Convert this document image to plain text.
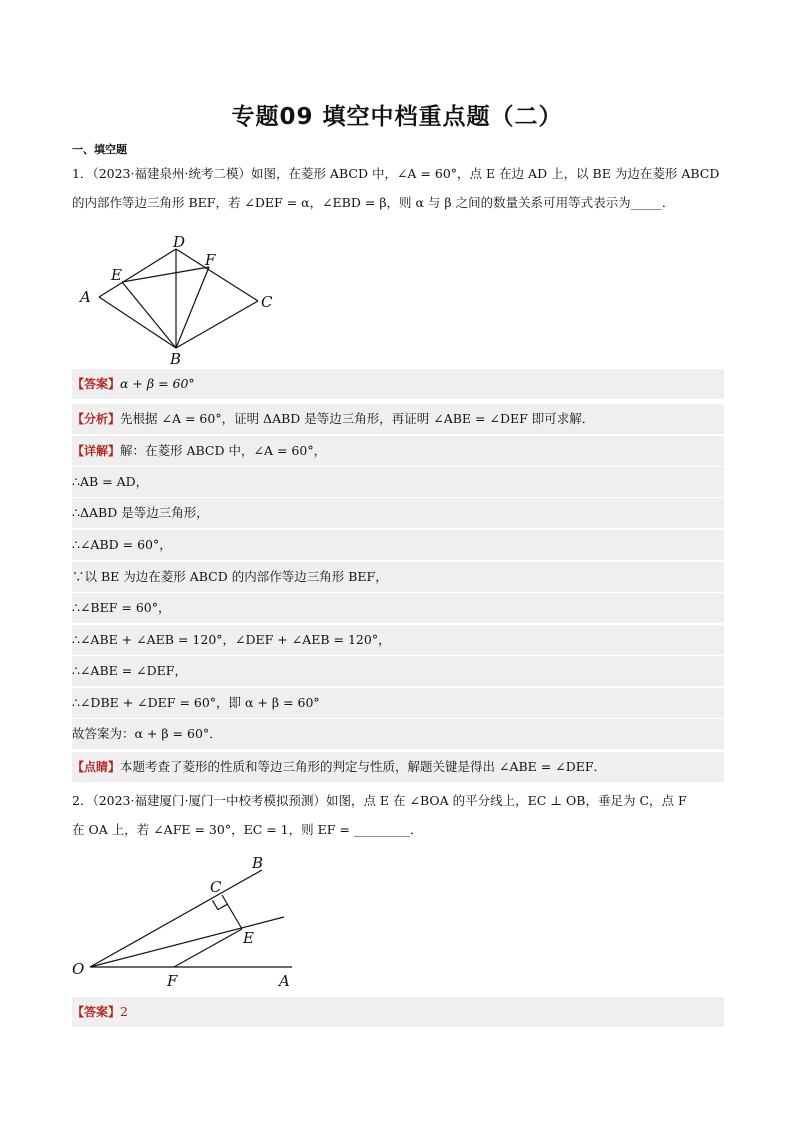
专题09 填空中档重点题（二）
一、填空题
1．（2023·福建泉州·统考二模）如图，在菱形 ABCD 中，∠A = 60°，点 E 在边 AD 上，以 BE 为边在菱形 ABCD
的内部作等边三角形 BEF，若 ∠DEF = α，∠EBD = β，则 α 与 β 之间的数量关系可用等式表示为_____．
D
E
F
A	C
B
【答案】α + β = 60°
【分析】先根据 ∠A = 60°，证明 ΔABD 是等边三角形，再证明 ∠ABE = ∠DEF 即可求解．
【详解】解：在菱形 ABCD 中，∠A = 60°，
∴AB = AD，
∴ΔABD 是等边三角形，
∴∠ABD = 60°，
∵以 BE 为边在菱形 ABCD 的内部作等边三角形 BEF，
∴∠BEF = 60°，
∴∠ABE + ∠AEB = 120°，∠DEF + ∠AEB = 120°，
∴∠ABE = ∠DEF，
∴∠DBE + ∠DEF = 60°，即 α + β = 60°
故答案为：α + β = 60°．
【点睛】本题考查了菱形的性质和等边三角形的判定与性质，解题关键是得出 ∠ABE = ∠DEF．
2．（2023·福建厦门·厦门一中校考模拟预测）如图，点 E 在 ∠BOA 的平分线上，EC ⊥ OB，垂足为 C，点 F
在 OA 上，若 ∠AFE = 30°，EC = 1，则 EF = _________．
B
C
E
O
F	A
【答案】2
